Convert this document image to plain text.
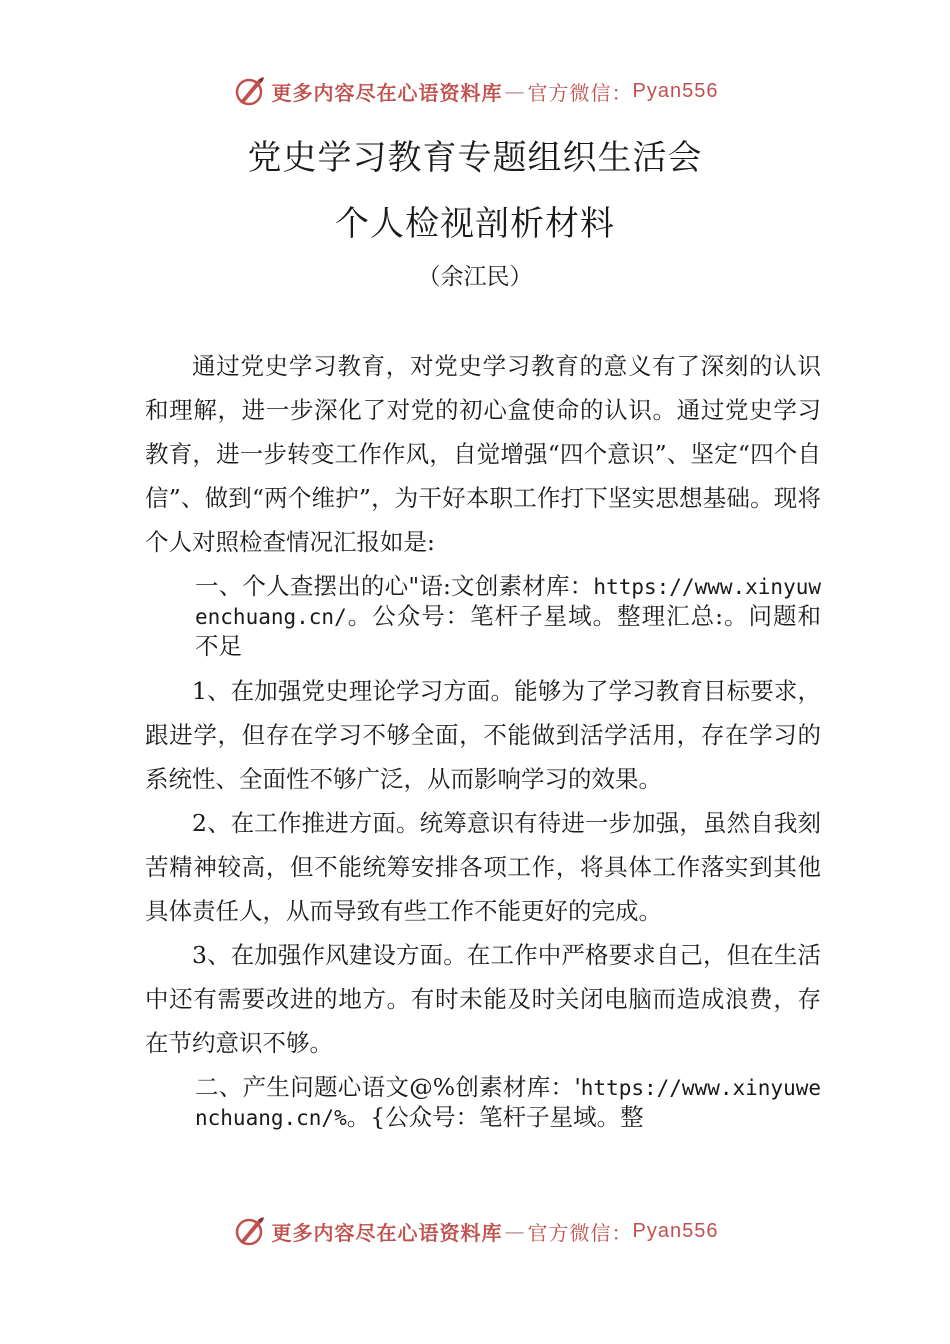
更多内容尽在心语资料库 — 官方微信： Pyan556
党史学习教育专题组织生活会
个人检视剖析材料
（余江民）

通过党史学习教育，对党史学习教育的意义有了深刻的认识和理解，进一步深化了对党的初心盒使命的认识。通过党史学习教育，进一步转变工作作风，自觉增强“四个意识”、坚定“四个自信”、做到“两个维护”，为干好本职工作打下坚实思想基础。现将个人对照检查情况汇报如是:

一、个人查摆出的心"语:文创素材库：https://www.xinyuwenchuang.cn/。公众号：笔杆子星域。整理汇总:。问题和不足

1、在加强党史理论学习方面。能够为了学习教育目标要求，跟进学，但存在学习不够全面，不能做到活学活用，存在学习的系统性、全面性不够广泛，从而影响学习的效果。

2、在工作推进方面。统筹意识有待进一步加强，虽然自我刻苦精神较高，但不能统筹安排各项工作，将具体工作落实到其他具体责任人，从而导致有些工作不能更好的完成。

3、在加强作风建设方面。在工作中严格要求自己，但在生活中还有需要改进的地方。有时未能及时关闭电脑而造成浪费，存在节约意识不够。

二、产生问题心语文@%创素材库：'https://www.xinyuwenchuang.cn/%。{公众号：笔杆子星域。整

更多内容尽在心语资料库 — 官方微信： Pyan556
